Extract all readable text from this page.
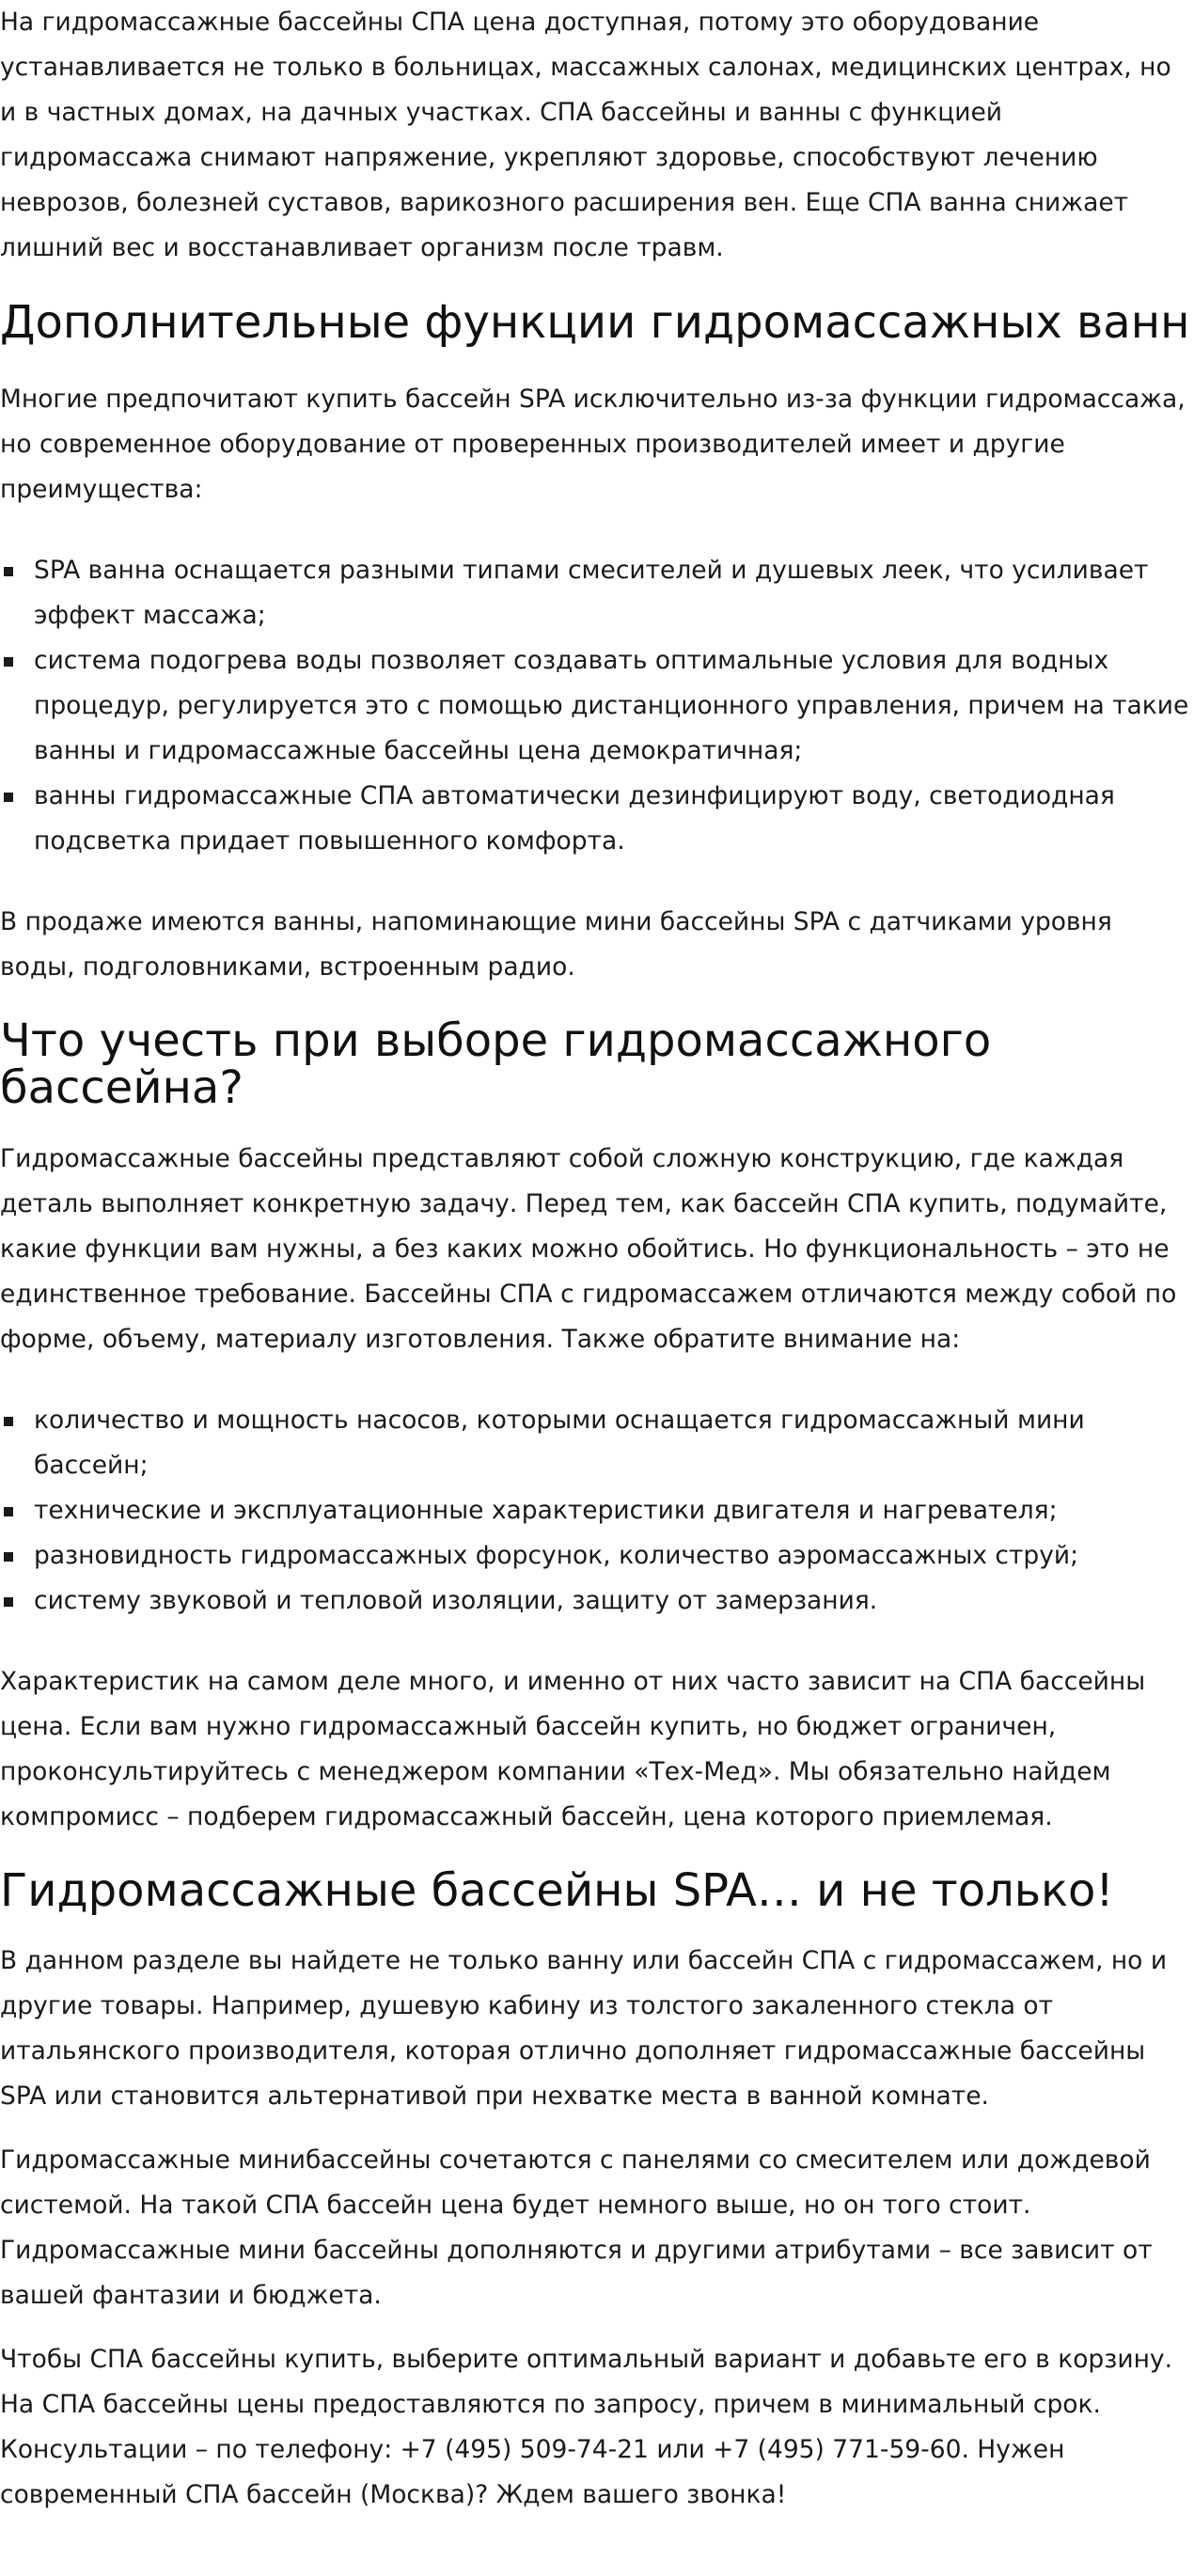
На гидромассажные бассейны СПА цена доступная, потому это оборудование устанавливается не только в больницах, массажных салонах, медицинских центрах, но и в частных домах, на дачных участках. СПА бассейны и ванны с функцией гидромассажа снимают напряжение, укрепляют здоровье, способствуют лечению неврозов, болезней суставов, варикозного расширения вен. Еще СПА ванна снижает лишний вес и восстанавливает организм после травм.

Дополнительные функции гидромассажных ванн

Многие предпочитают купить бассейн SPA исключительно из-за функции гидромассажа, но современное оборудование от проверенных производителей имеет и другие преимущества:

SPA ванна оснащается разными типами смесителей и душевых леек, что усиливает эффект массажа;
система подогрева воды позволяет создавать оптимальные условия для водных процедур, регулируется это с помощью дистанционного управления, причем на такие ванны и гидромассажные бассейны цена демократичная;
ванны гидромассажные СПА автоматически дезинфицируют воду, светодиодная подсветка придает повышенного комфорта.

В продаже имеются ванны, напоминающие мини бассейны SPA с датчиками уровня воды, подголовниками, встроенным радио.

Что учесть при выборе гидромассажного бассейна?

Гидромассажные бассейны представляют собой сложную конструкцию, где каждая деталь выполняет конкретную задачу. Перед тем, как бассейн СПА купить, подумайте, какие функции вам нужны, а без каких можно обойтись. Но функциональность – это не единственное требование. Бассейны СПА с гидромассажем отличаются между собой по форме, объему, материалу изготовления. Также обратите внимание на:

количество и мощность насосов, которыми оснащается гидромассажный мини бассейн;
технические и эксплуатационные характеристики двигателя и нагревателя;
разновидность гидромассажных форсунок, количество аэромассажных струй;
систему звуковой и тепловой изоляции, защиту от замерзания.

Характеристик на самом деле много, и именно от них часто зависит на СПА бассейны цена. Если вам нужно гидромассажный бассейн купить, но бюджет ограничен, проконсультируйтесь с менеджером компании «Тех-Мед». Мы обязательно найдем компромисс – подберем гидромассажный бассейн, цена которого приемлемая.

Гидромассажные бассейны SPA… и не только!

В данном разделе вы найдете не только ванну или бассейн СПА с гидромассажем, но и другие товары. Например, душевую кабину из толстого закаленного стекла от итальянского производителя, которая отлично дополняет гидромассажные бассейны SPA или становится альтернативой при нехватке места в ванной комнате.

Гидромассажные минибассейны сочетаются с панелями со смесителем или дождевой системой. На такой СПА бассейн цена будет немного выше, но он того стоит. Гидромассажные мини бассейны дополняются и другими атрибутами – все зависит от вашей фантазии и бюджета.

Чтобы СПА бассейны купить, выберите оптимальный вариант и добавьте его в корзину. На СПА бассейны цены предоставляются по запросу, причем в минимальный срок. Консультации – по телефону: +7 (495) 509-74-21 или +7 (495) 771-59-60. Нужен современный СПА бассейн (Москва)? Ждем вашего звонка!
